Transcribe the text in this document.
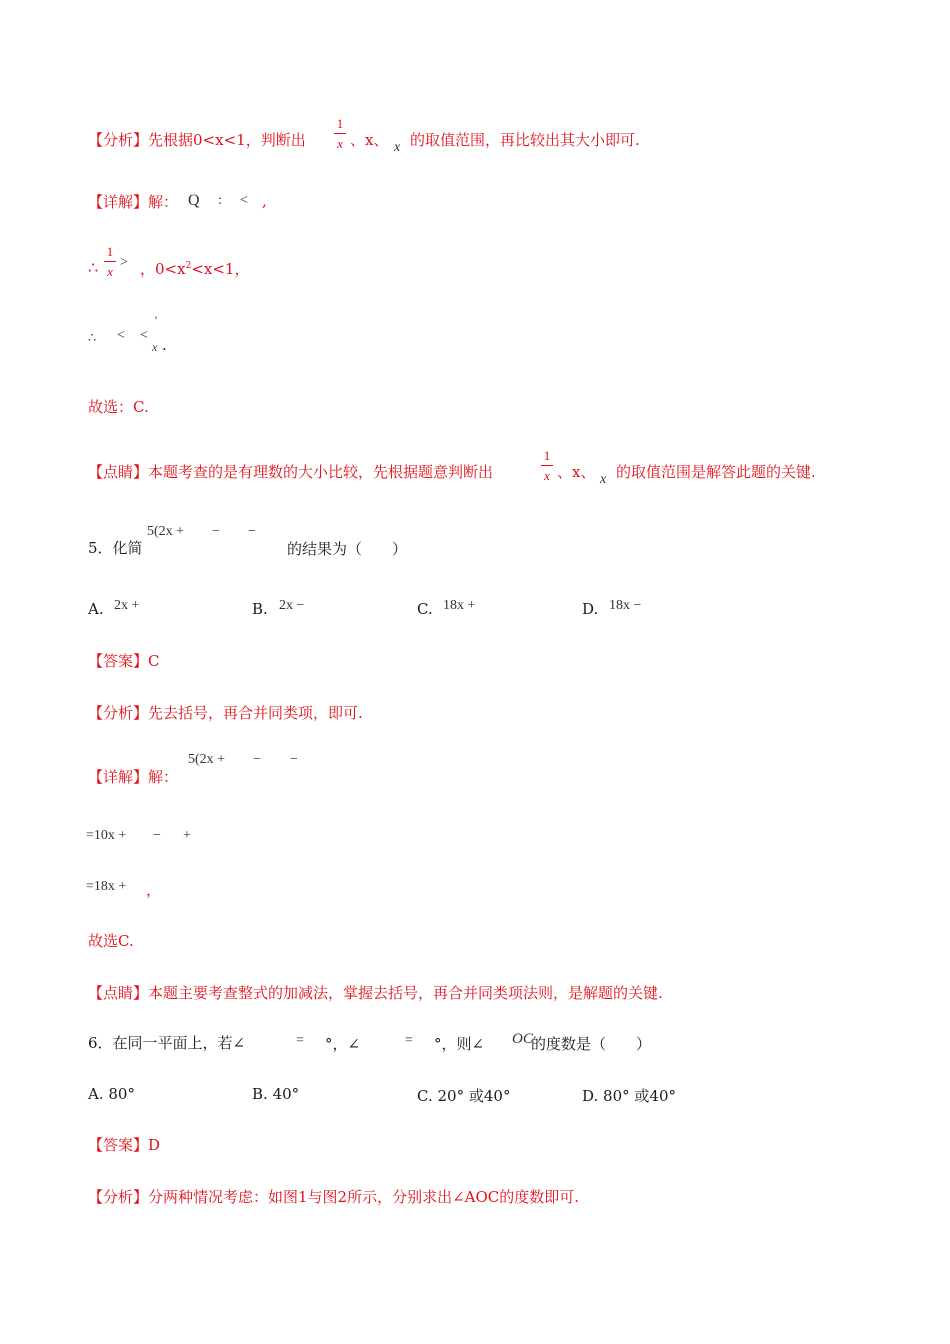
【分析】先根据0<x<1，判断出
1
x 、x、 x 的取值范围，再比较出其大小即可.
【详解】解： Q : < ,
∴
1
x
> ，$0<x^2<x<1$，
∴ < <
'
x .
故选：C.
【点睛】本题考查的是有理数的大小比较，先根据题意判断出
1
x 、x、 x 的取值范围是解答此题的关键.
5．化简
5(2x + − −
的结果为（　　）
A. 2x +	B. 2x −	C. 18x +	D. 18x −
【答案】C
【分析】先去括号，再合并同类项，即可.
【详解】解：
5(2x + − −
=10x + − +
=18x + ，
故选C.
【点睛】本题主要考查整式的加减法，掌握去括号，再合并同类项法则，是解题的关键.
6．在同一平面上，若∠	= °，∠	= °，则∠ OC
的度数是（　　）
A. 80°	B. 40°	C. 20° 或40°	D. 80° 或40°
【答案】D
【分析】分两种情况考虑：如图1与图2所示，分别求出∠AOC的度数即可.
